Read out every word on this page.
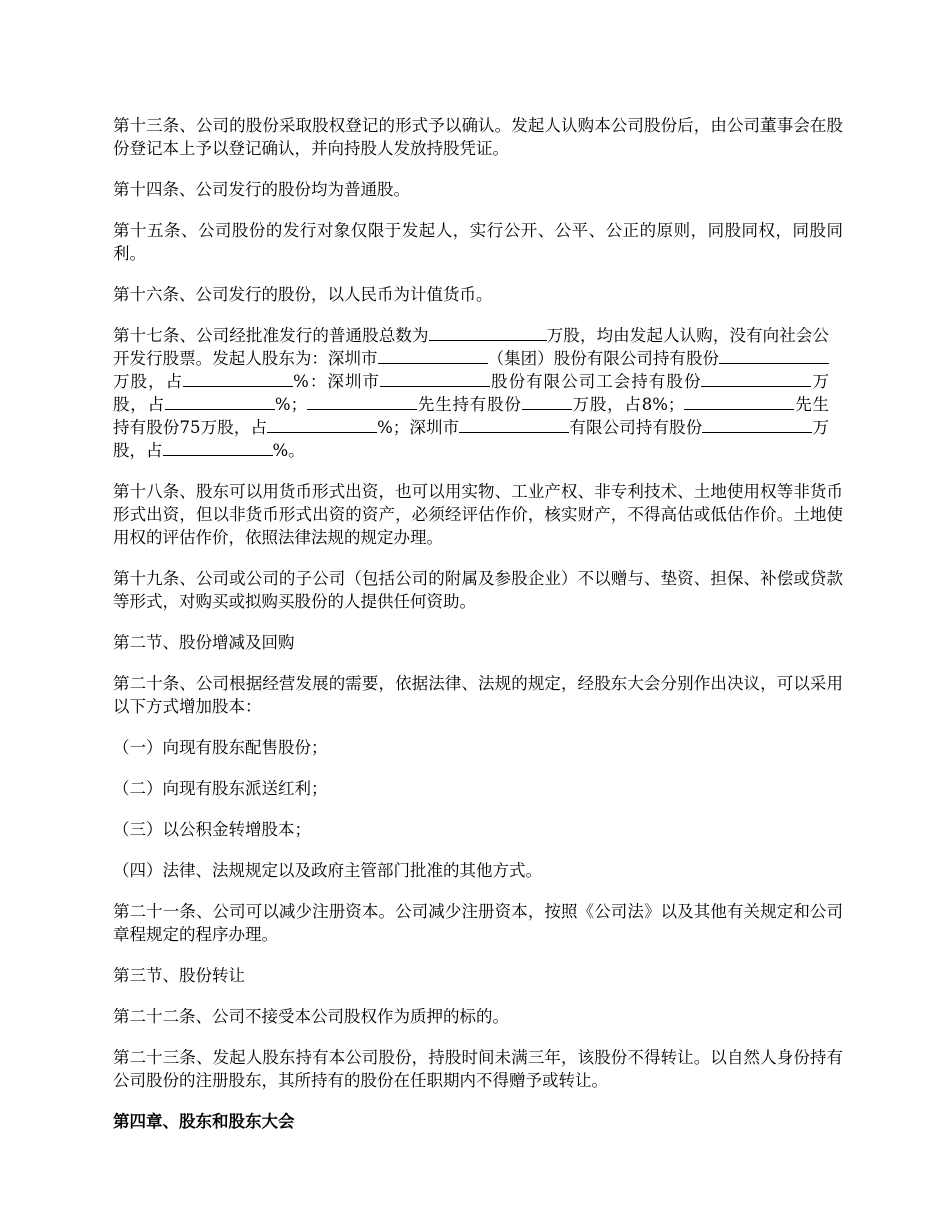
第十三条、公司的股份采取股权登记的形式予以确认。发起人认购本公司股份后，由公司董事会在股份登记本上予以登记确认，并向持股人发放持股凭证。

第十四条、公司发行的股份均为普通股。

第十五条、公司股份的发行对象仅限于发起人，实行公开、公平、公正的原则，同股同权，同股同利。

第十六条、公司发行的股份，以人民币为计值货币。

第十七条、公司经批准发行的普通股总数为	万股，均由发起人认购，没有向社会公开发行股票。发起人股东为：深圳市	（集团）股份有限公司持有股份万股，占	%：深圳市	股份有限公司工会持有股份	万股，占	%；	先生持有股份	万股，占8%；	先生持有股份75万股，占	%；深圳市	有限公司持有股份	万股，占	%。

第十八条、股东可以用货币形式出资，也可以用实物、工业产权、非专利技术、土地使用权等非货币形式出资，但以非货币形式出资的资产，必须经评估作价，核实财产，不得高估或低估作价。土地使用权的评估作价，依照法律法规的规定办理。

第十九条、公司或公司的子公司（包括公司的附属及参股企业）不以赠与、垫资、担保、补偿或贷款等形式，对购买或拟购买股份的人提供任何资助。

第二节、股份增减及回购

第二十条、公司根据经营发展的需要，依据法律、法规的规定，经股东大会分别作出决议，可以采用以下方式增加股本：

（一）向现有股东配售股份；

（二）向现有股东派送红利；

（三）以公积金转增股本；

（四）法律、法规规定以及政府主管部门批准的其他方式。

第二十一条、公司可以减少注册资本。公司减少注册资本，按照《公司法》以及其他有关规定和公司章程规定的程序办理。

第三节、股份转让

第二十二条、公司不接受本公司股权作为质押的标的。

第二十三条、发起人股东持有本公司股份，持股时间未满三年，该股份不得转让。以自然人身份持有公司股份的注册股东，其所持有的股份在任职期内不得赠予或转让。

第四章、股东和股东大会
